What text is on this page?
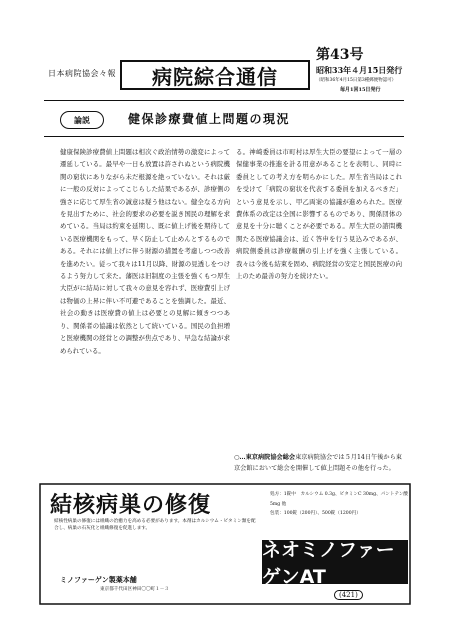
日本病院協会々報	病院綜合通信
第43号
昭和33年４月15日発行
（昭和36年4月15日第3種郵便物認可）
毎月1回15日発行
論説	健保診療費値上問題の現況
健康保険診療費値上問題は相次ぐ政治情勢の激変によって遷延している。最早や一日も放置は許されぬという病院機関の窮状にありながら未だ根源を絶っていない。それは厳に一般の反対によってこじらした結果であるが、診療側の強さに応じて厚生省の誠意は疑う他はない。健全なる方向を見出すために、社会的要求の必要を説き国民の理解を求めている。当局は約束を延期し、既に値上げ後を期待している医療機関をもって、早く防止して止めんとするものである。それには値上げに伴う財源の措置を考慮しつつ改善を進めたい。従って我々は11月以降、財源の見透しをつけるよう努力して来た。藩医は旧制度の主張を強くもつ厚生大臣がに結局に対して我々の意見を容れず、医療費引上げは物価の上昇に伴い不可避であることを強調した。最近、社会の動きは医療費の値上は必要との見解に傾きつつあり、関係者の協議は依然として続いている。国民の負担増と医療機関の経営との調整が焦点であり、早急な結論が求められている。
る。神崎委員は市町村は厚生大臣の要望によって一層の保健事業の推進を計る用意があることを表明し、同時に委員としての考え方を明らかにした。厚生省当局はこれを受けて「病院の窮状を代表する委員を加えるべきだ」という意見を示し、甲乙両案の協議が進められた。医療費体系の改定は全国に影響するものであり、関係団体の意見を十分に聴くことが必要である。厚生大臣の諮問機関たる医療協議会は、近く答申を行う見込みであるが、病院側委員は診療報酬の引上げを強く主張している。我々は今後も結束を固め、病院経営の安定と国民医療の向上のため最善の努力を続けたい。
○…東京病院協会総会東京病院協会では５月14日午後から東京会館において総会を開催して値上問題その他を行った。
結核病巣の修復	処方：1錠中　カルシウム 0.3g、ビタミンC 30mg、パントテン酸 5mg 他
包装：100錠（200円）、500錠（1200円）
結核性病巣の修復には組織の治癒力を高める必要があります。本剤はカルシウム・ビタミン類を配合し、病巣の石灰化と組織修復を促進します。
ミノファーゲン製薬本舗
東京都千代田区神田〇〇町１－３
ネオミノファーゲンAT
(421)
